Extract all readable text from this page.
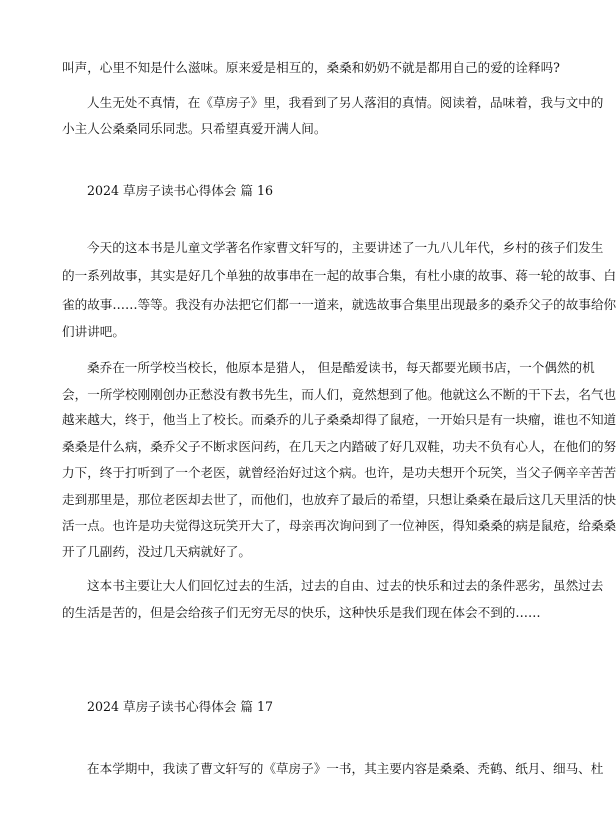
叫声，心里不知是什么滋味。原来爱是相互的，桑桑和奶奶不就是都用自己的爱的诠释吗?
人生无处不真情，在《草房子》里，我看到了另人落泪的真情。阅读着，品味着，我与文中的
小主人公桑桑同乐同悲。只希望真爱开满人间。
2024 草房子读书心得体会 篇 16
今天的这本书是儿童文学著名作家曹文轩写的，主要讲述了一九八儿年代，乡村的孩子们发生
的一系列故事，其实是好几个单独的故事串在一起的故事合集，有杜小康的故事、蒋一轮的故事、白
雀的故事……等等。我没有办法把它们都一一道来，就选故事合集里出现最多的桑乔父子的故事给你
们讲讲吧。
桑乔在一所学校当校长，他原本是猎人， 但是酷爱读书，每天都要光顾书店，一个偶然的机
会，一所学校刚刚创办正愁没有教书先生，而人们，竟然想到了他。他就这么不断的干下去，名气也
越来越大，终于，他当上了校长。而桑乔的儿子桑桑却得了鼠疮，一开始只是有一块瘤，谁也不知道
桑桑是什么病，桑乔父子不断求医问药，在几天之内踏破了好几双鞋，功夫不负有心人，在他们的努
力下，终于打听到了一个老医，就曾经治好过这个病。也许，是功夫想开个玩笑，当父子俩辛辛苦苦
走到那里是，那位老医却去世了，而他们，也放弃了最后的希望，只想让桑桑在最后这几天里活的快
活一点。也许是功夫觉得这玩笑开大了，母亲再次询问到了一位神医，得知桑桑的病是鼠疮，给桑桑
开了几副药，没过几天病就好了。
这本书主要让大人们回忆过去的生活，过去的自由、过去的快乐和过去的条件恶劣，虽然过去
的生活是苦的，但是会给孩子们无穷无尽的快乐，这种快乐是我们现在体会不到的……
2024 草房子读书心得体会 篇 17
在本学期中，我读了曹文轩写的《草房子》一书，其主要内容是桑桑、秃鹤、纸月、细马、杜
